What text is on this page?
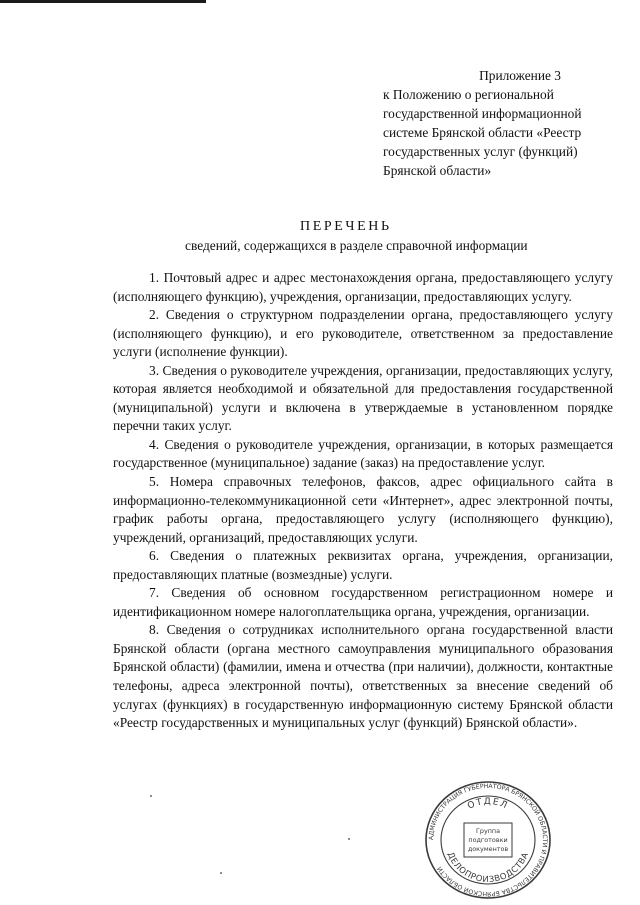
Приложение 3
к Положению о региональной
государственной информационной
системе Брянской области «Реестр
государственных услуг (функций)
Брянской области»
ПЕРЕЧЕНЬ
сведений, содержащихся в разделе справочной информации

1. Почтовый адрес и адрес местонахождения органа, предоставляющего услугу (исполняющего функцию), учреждения, организации, предоставляющих услугу.

2. Сведения о структурном подразделении органа, предоставляющего услугу (исполняющего функцию), и его руководителе, ответственном за предоставление услуги (исполнение функции).

3. Сведения о руководителе учреждения, организации, предоставляющих услугу, которая является необходимой и обязательной для предоставления государственной (муниципальной) услуги и включена в утверждаемые в установленном порядке перечни таких услуг.

4. Сведения о руководителе учреждения, организации, в которых размещается государственное (муниципальное) задание (заказ) на предоставление услуг.

5. Номера справочных телефонов, факсов, адрес официального сайта в информационно-телекоммуникационной сети «Интернет», адрес электронной почты, график работы органа, предоставляющего услугу (исполняющего функцию), учреждений, организаций, предоставляющих услуги.

6. Сведения о платежных реквизитах органа, учреждения, организации, предоставляющих платные (возмездные) услуги.

7. Сведения об основном государственном регистрационном номере и идентификационном номере налогоплательщика органа, учреждения, организации.

8. Сведения о сотрудниках исполнительного органа государственной власти Брянской области (органа местного самоуправления муниципального образования Брянской области) (фамилии, имена и отчества (при наличии), должности, контактные телефоны, адреса электронной почты), ответственных за внесение сведений об услугах (функциях) в государственную информационную систему Брянской области «Реестр государственных и муниципальных услуг (функций) Брянской области».

АДМИНИСТРАЦИЯ ГУБЕРНАТОРА БРЯНСКОЙ ОБЛАСТИ И ПРАВИТЕЛЬСТВА БРЯНСКОЙ ОБЛАСТИ
ОТДЕЛ
ДЕЛОПРОИЗВОДСТВА
Группа
подготовки
документов
